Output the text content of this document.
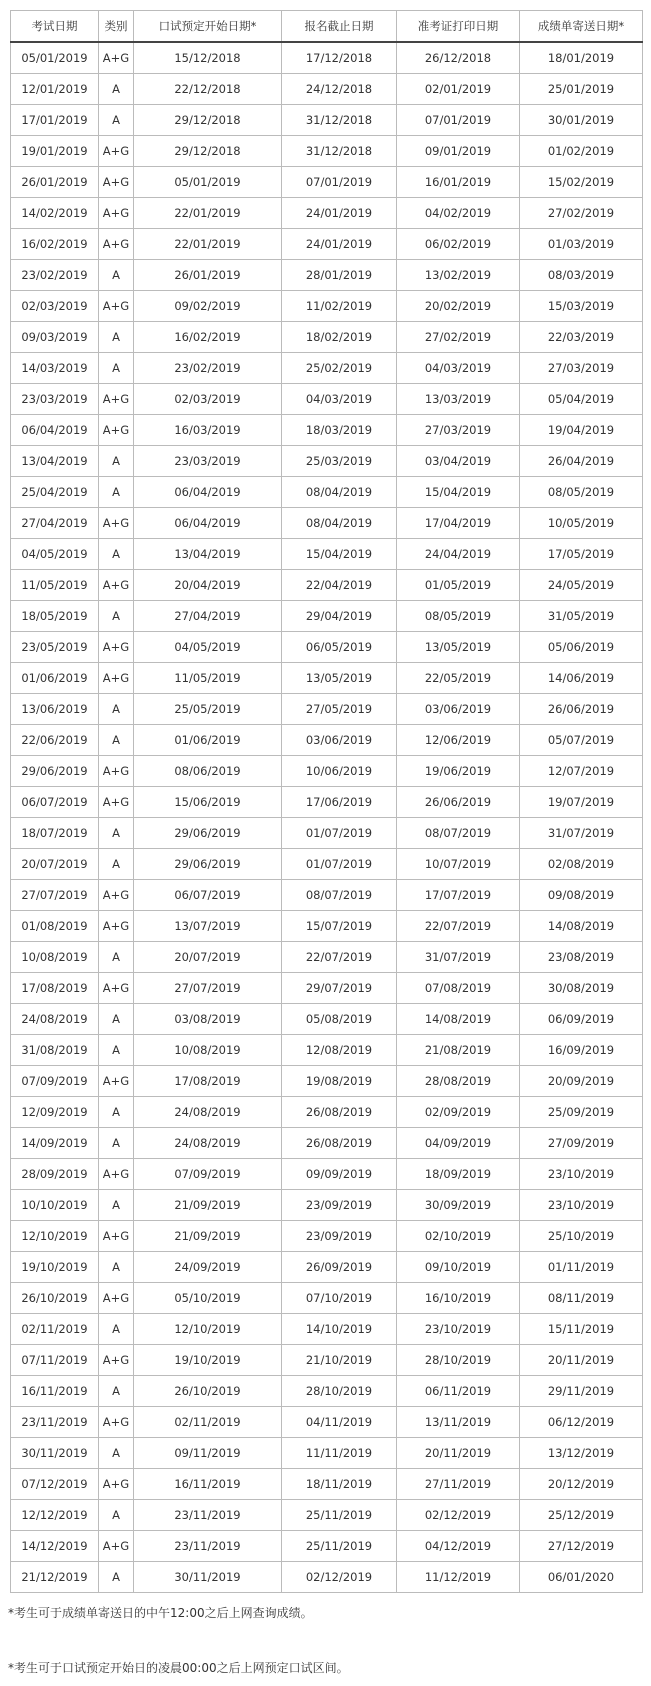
考试日期	类别	口试预定开始日期*	报名截止日期	准考证打印日期	成绩单寄送日期*
05/01/2019	A+G	15/12/2018	17/12/2018	26/12/2018	18/01/2019
12/01/2019	A	22/12/2018	24/12/2018	02/01/2019	25/01/2019
17/01/2019	A	29/12/2018	31/12/2018	07/01/2019	30/01/2019
19/01/2019	A+G	29/12/2018	31/12/2018	09/01/2019	01/02/2019
26/01/2019	A+G	05/01/2019	07/01/2019	16/01/2019	15/02/2019
14/02/2019	A+G	22/01/2019	24/01/2019	04/02/2019	27/02/2019
16/02/2019	A+G	22/01/2019	24/01/2019	06/02/2019	01/03/2019
23/02/2019	A	26/01/2019	28/01/2019	13/02/2019	08/03/2019
02/03/2019	A+G	09/02/2019	11/02/2019	20/02/2019	15/03/2019
09/03/2019	A	16/02/2019	18/02/2019	27/02/2019	22/03/2019
14/03/2019	A	23/02/2019	25/02/2019	04/03/2019	27/03/2019
23/03/2019	A+G	02/03/2019	04/03/2019	13/03/2019	05/04/2019
06/04/2019	A+G	16/03/2019	18/03/2019	27/03/2019	19/04/2019
13/04/2019	A	23/03/2019	25/03/2019	03/04/2019	26/04/2019
25/04/2019	A	06/04/2019	08/04/2019	15/04/2019	08/05/2019
27/04/2019	A+G	06/04/2019	08/04/2019	17/04/2019	10/05/2019
04/05/2019	A	13/04/2019	15/04/2019	24/04/2019	17/05/2019
11/05/2019	A+G	20/04/2019	22/04/2019	01/05/2019	24/05/2019
18/05/2019	A	27/04/2019	29/04/2019	08/05/2019	31/05/2019
23/05/2019	A+G	04/05/2019	06/05/2019	13/05/2019	05/06/2019
01/06/2019	A+G	11/05/2019	13/05/2019	22/05/2019	14/06/2019
13/06/2019	A	25/05/2019	27/05/2019	03/06/2019	26/06/2019
22/06/2019	A	01/06/2019	03/06/2019	12/06/2019	05/07/2019
29/06/2019	A+G	08/06/2019	10/06/2019	19/06/2019	12/07/2019
06/07/2019	A+G	15/06/2019	17/06/2019	26/06/2019	19/07/2019
18/07/2019	A	29/06/2019	01/07/2019	08/07/2019	31/07/2019
20/07/2019	A	29/06/2019	01/07/2019	10/07/2019	02/08/2019
27/07/2019	A+G	06/07/2019	08/07/2019	17/07/2019	09/08/2019
01/08/2019	A+G	13/07/2019	15/07/2019	22/07/2019	14/08/2019
10/08/2019	A	20/07/2019	22/07/2019	31/07/2019	23/08/2019
17/08/2019	A+G	27/07/2019	29/07/2019	07/08/2019	30/08/2019
24/08/2019	A	03/08/2019	05/08/2019	14/08/2019	06/09/2019
31/08/2019	A	10/08/2019	12/08/2019	21/08/2019	16/09/2019
07/09/2019	A+G	17/08/2019	19/08/2019	28/08/2019	20/09/2019
12/09/2019	A	24/08/2019	26/08/2019	02/09/2019	25/09/2019
14/09/2019	A	24/08/2019	26/08/2019	04/09/2019	27/09/2019
28/09/2019	A+G	07/09/2019	09/09/2019	18/09/2019	23/10/2019
10/10/2019	A	21/09/2019	23/09/2019	30/09/2019	23/10/2019
12/10/2019	A+G	21/09/2019	23/09/2019	02/10/2019	25/10/2019
19/10/2019	A	24/09/2019	26/09/2019	09/10/2019	01/11/2019
26/10/2019	A+G	05/10/2019	07/10/2019	16/10/2019	08/11/2019
02/11/2019	A	12/10/2019	14/10/2019	23/10/2019	15/11/2019
07/11/2019	A+G	19/10/2019	21/10/2019	28/10/2019	20/11/2019
16/11/2019	A	26/10/2019	28/10/2019	06/11/2019	29/11/2019
23/11/2019	A+G	02/11/2019	04/11/2019	13/11/2019	06/12/2019
30/11/2019	A	09/11/2019	11/11/2019	20/11/2019	13/12/2019
07/12/2019	A+G	16/11/2019	18/11/2019	27/11/2019	20/12/2019
12/12/2019	A	23/11/2019	25/11/2019	02/12/2019	25/12/2019
14/12/2019	A+G	23/11/2019	25/11/2019	04/12/2019	27/12/2019
21/12/2019	A	30/11/2019	02/12/2019	11/12/2019	06/01/2020
*考生可于成绩单寄送日的中午12:00之后上网查询成绩。
*考生可于口试预定开始日的凌晨00:00之后上网预定口试区间。
